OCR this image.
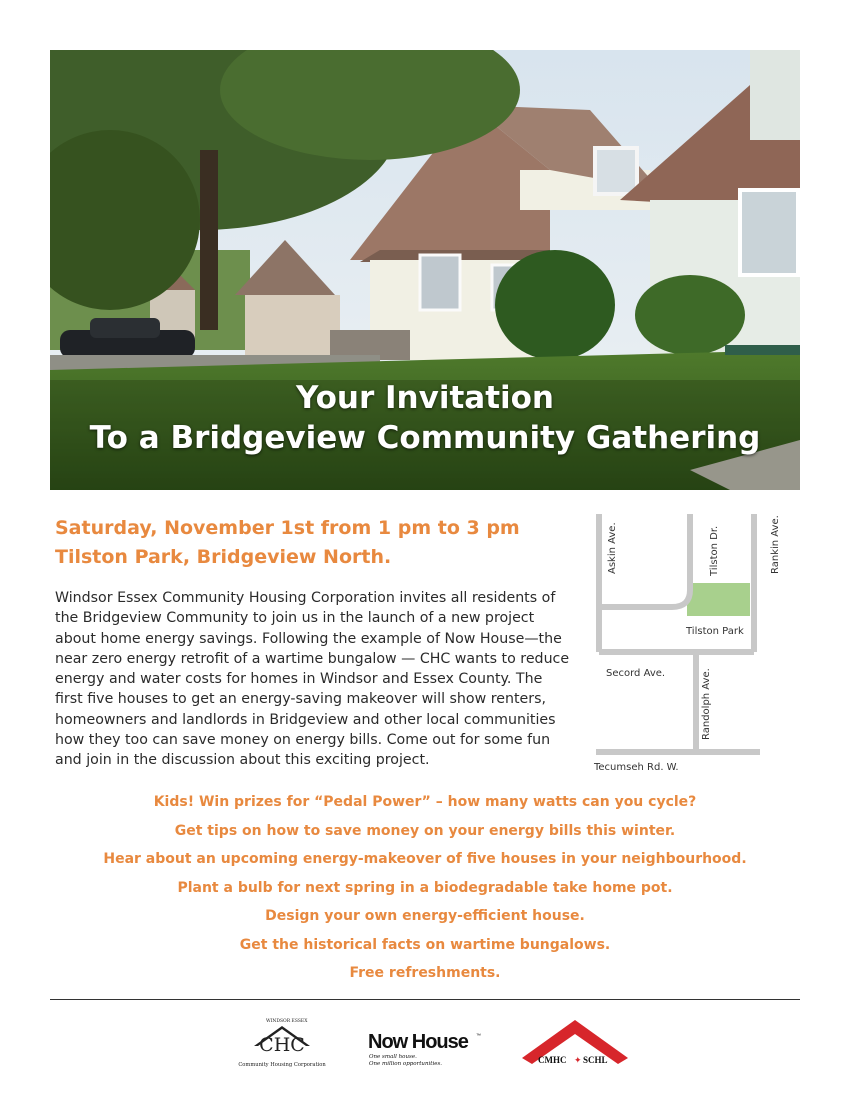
Your Invitation
To a Bridgeview Community Gathering
Saturday, November 1st from 1 pm to 3 pm
Tilston Park, Bridgeview North.
Windsor Essex Community Housing Corporation invites all residents of the Bridgeview Community to join us in the launch of a new project about home energy savings. Following the example of Now House—the near zero energy retrofit of a wartime bungalow — CHC wants to reduce energy and water costs for homes in Windsor and Essex County. The first five houses to get an energy-saving makeover will show renters, homeowners and landlords in Bridgeview and other local communities how they too can save money on energy bills. Come out for some fun and join in the discussion about this exciting project.
Askin Ave.	Tilston Dr.	Rankin Ave.
Tilston Park
Secord Ave.	Randolph Ave.
Tecumseh Rd. W.
Kids! Win prizes for “Pedal Power” – how many watts can you cycle?
Get tips on how to save money on your energy bills this winter.
Hear about an upcoming energy-makeover of five houses in your neighbourhood.
Plant a bulb for next spring in a biodegradable take home pot.
Design your own energy-efficient house.
Get the historical facts on wartime bungalows.
Free refreshments.
WINDSOR ESSEX
CHC
Community Housing Corporation
Now House ™
One small house.
One million opportunities.	CMHC ✦ SCHL
